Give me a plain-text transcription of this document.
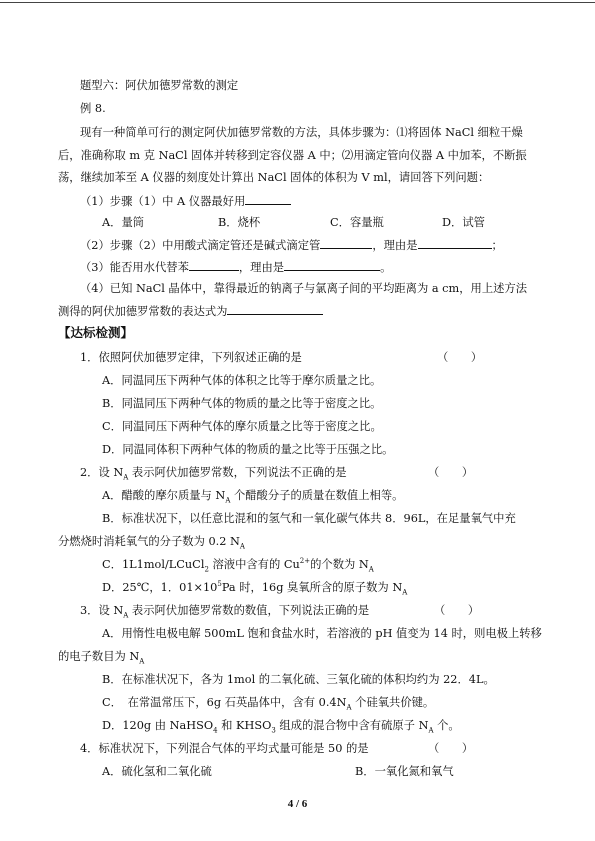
题型六：阿伏加德罗常数的测定
例 8.
现有一种简单可行的测定阿伏加德罗常数的方法，具体步骤为：⑴将固体 NaCl 细粒干燥
后，准确称取 m 克 NaCl 固体并转移到定容仪器 A 中；⑵用滴定管向仪器 A 中加苯，不断振
荡，继续加苯至 A 仪器的刻度处计算出 NaCl 固体的体积为 V ml，请回答下列问题：
（1）步骤（1）中 A 仪器最好用
A．量筒	B．烧杯	C．容量瓶	D．试管
（2）步骤（2）中用酸式滴定管还是碱式滴定管	，理由是	；
（3）能否用水代替苯	，理由是	。
（4）已知 NaCl 晶体中，靠得最近的钠离子与氯离子间的平均距离为 a cm，用上述方法
测得的阿伏加德罗常数的表达式为
【达标检测】
1．依照阿伏加德罗定律，下列叙述正确的是	（　　）
A．同温同压下两种气体的体积之比等于摩尔质量之比。
B．同温同压下两种气体的物质的量之比等于密度之比。
C．同温同压下两种气体的摩尔质量之比等于密度之比。
D．同温同体积下两种气体的物质的量之比等于压强之比。
2．设 $N_A$ 表示阿伏加德罗常数，下列说法不正确的是	（　　）
A．醋酸的摩尔质量与 $N_A$ 个醋酸分子的质量在数值上相等。
B．标准状况下，以任意比混和的氢气和一氧化碳气体共 8．96L，在足量氧气中充
分燃烧时消耗氧气的分子数为 0.2 $N_A$
C．1L1mol/LCuCl$_2$ 溶液中含有的 $Cu^{2+}$的个数为 $N_A$
D．25℃，1．$01\times 10^5Pa$ 时，16g 臭氧所含的原子数为 $N_A$
3．设 $N_A$ 表示阿伏加德罗常数的数值，下列说法正确的是	（　　）
A．用惰性电极电解 500mL 饱和食盐水时，若溶液的 pH 值变为 14 时，则电极上转移
的电子数目为 $N_A$
B．在标准状况下，各为 1mol 的二氧化硫、三氧化硫的体积均约为 22．4L。
C．　在常温常压下，6g 石英晶体中，含有 $0.4N_A$ 个硅氧共价键。
D．120g 由 NaHSO$_4$ 和 $KHSO_3$ 组成的混合物中含有硫原子 $N_A$ 个。
4．标准状况下，下列混合气体的平均式量可能是 50 的是	（　　）
A．硫化氢和二氧化硫	B．一氧化氮和氧气
4 / 6
